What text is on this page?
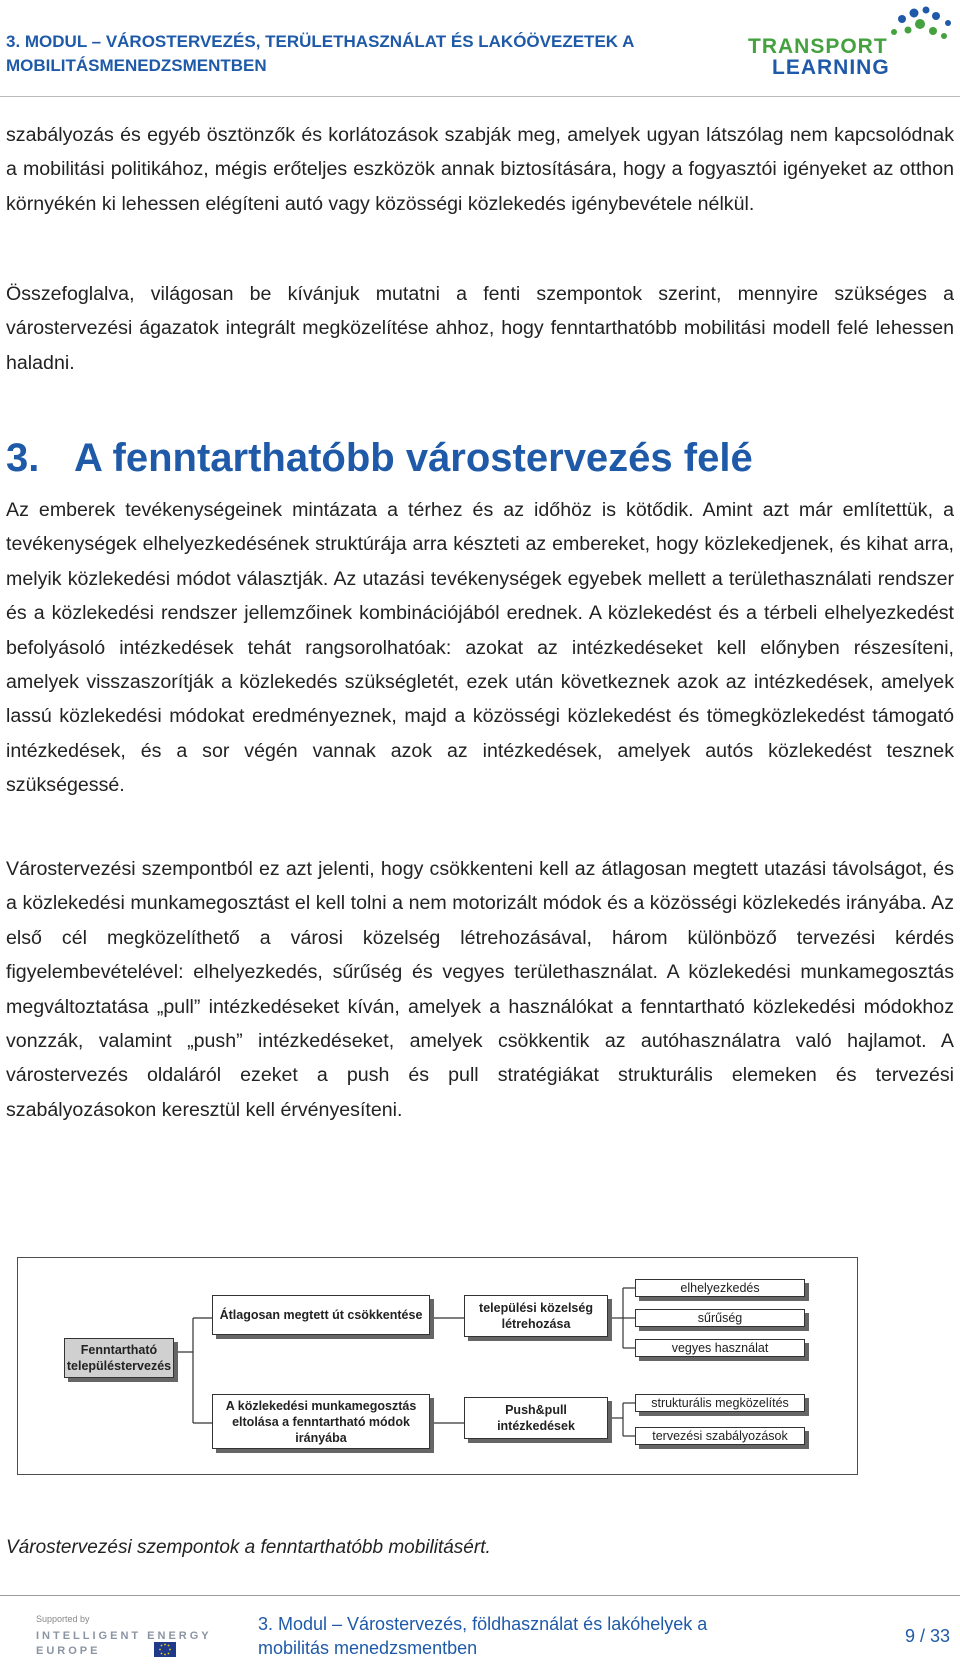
3. MODUL – VÁROSTERVEZÉS, TERÜLETHASZNÁLAT ÉS LAKÓÖVEZETEK A
MOBILITÁSMENEDZSMENTBEN
TRANSPORT
LEARNING

szabályozás és egyéb ösztönzők és korlátozások szabják meg, amelyek ugyan látszólag nem kapcsolódnak a mobilitási politikához, mégis erőteljes eszközök annak biztosítására, hogy a fogyasztói igényeket az otthon környékén ki lehessen elégíteni autó vagy közösségi közlekedés igénybevétele nélkül.

Összefoglalva, világosan be kívánjuk mutatni a fenti szempontok szerint, mennyire szükséges a várostervezési ágazatok integrált megközelítése ahhoz, hogy fenntarthatóbb mobilitási modell felé lehessen haladni.

3. A fenntarthatóbb várostervezés felé

Az emberek tevékenységeinek mintázata a térhez és az időhöz is kötődik. Amint azt már említettük, a tevékenységek elhelyezkedésének struktúrája arra készteti az embereket, hogy közlekedjenek, és kihat arra, melyik közlekedési módot választják. Az utazási tevékenységek egyebek mellett a területhasználati rendszer és a közlekedési rendszer jellemzőinek kombinációjából erednek. A közlekedést és a térbeli elhelyezkedést befolyásoló intézkedések tehát rangsorolhatóak: azokat az intézkedéseket kell előnyben részesíteni, amelyek visszaszorítják a közlekedés szükségletét, ezek után következnek azok az intézkedések, amelyek lassú közlekedési módokat eredményeznek, majd a közösségi közlekedést és tömegközlekedést támogató intézkedések, és a sor végén vannak azok az intézkedések, amelyek autós közlekedést tesznek szükségessé.

Várostervezési szempontból ez azt jelenti, hogy csökkenteni kell az átlagosan megtett utazási távolságot, és a közlekedési munkamegosztást el kell tolni a nem motorizált módok és a közösségi közlekedés irányába. Az első cél megközelíthető a városi közelség létrehozásával, három különböző tervezési kérdés figyelembevételével: elhelyezkedés, sűrűség és vegyes területhasználat. A közlekedési munkamegosztás megváltoztatása „pull” intézkedéseket kíván, amelyek a használókat a fenntartható közlekedési módokhoz vonzzák, valamint „push” intézkedéseket, amelyek csökkentik az autóhasználatra való hajlamot. A várostervezés oldaláról ezeket a push és pull stratégiákat strukturális elemeken és tervezési szabályozásokon keresztül kell érvényesíteni.

Fenntartható településtervezés
Átlagosan megtett út csökkentése
A közlekedési munkamegosztás eltolása a fenntartható módok irányába
települési közelség létrehozása
Push&pull intézkedések
elhelyezkedés
sűrűség
vegyes használat
strukturális megközelítés
tervezési szabályozások

Várostervezési szempontok a fenntarthatóbb mobilitásért.

Supported by
INTELLIGENT ENERGY
EUROPE
3. Modul – Várostervezés, földhasználat és lakóhelyek a
mobilitás menedzsmentben
9 / 33
